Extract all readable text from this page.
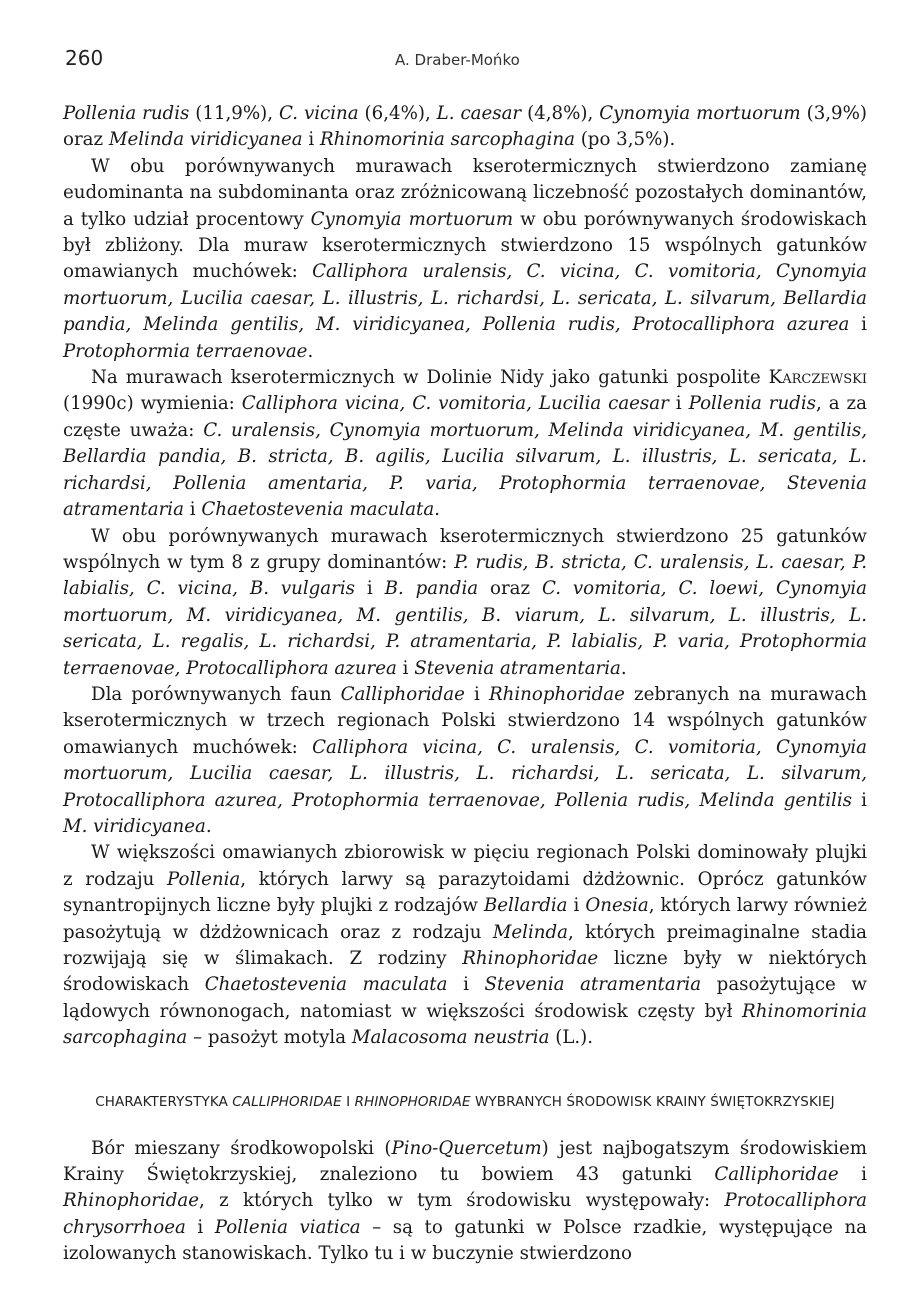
260	A. Draber-Mońko

Pollenia rudis (11,9%), C. vicina (6,4%), L. caesar (4,8%), Cynomyia mortuorum (3,9%) oraz Melinda viridicyanea i Rhinomorinia sarcophagina (po 3,5%).

W obu porównywanych murawach kserotermicznych stwierdzono zamianę eudominanta na subdominanta oraz zróżnicowaną liczebność pozostałych dominantów, a tylko udział procentowy Cynomyia mortuorum w obu porównywanych środowiskach był zbliżony. Dla muraw kserotermicznych stwierdzono 15 wspólnych gatunków omawianych muchówek: Calliphora uralensis, C. vicina, C. vomitoria, Cynomyia mortuorum, Lucilia caesar, L. illustris, L. richardsi, L. sericata, L. silvarum, Bellardia pandia, Melinda gentilis, M. viridicyanea, Pollenia rudis, Protocalliphora azurea i Protophormia terraenovae.

Na murawach kserotermicznych w Dolinie Nidy jako gatunki pospolite Karczewski (1990c) wymienia: Calliphora vicina, C. vomitoria, Lucilia caesar i Pollenia rudis, a za częste uważa: C. uralensis, Cynomyia mortuorum, Melinda viridicyanea, M. gentilis, Bellardia pandia, B. stricta, B. agilis, Lucilia silvarum, L. illustris, L. sericata, L. richardsi, Pollenia amentaria, P. varia, Protophormia terraenovae, Stevenia atramentaria i Chaetostevenia maculata.

W obu porównywanych murawach kserotermicznych stwierdzono 25 gatunków wspólnych w tym 8 z grupy dominantów: P. rudis, B. stricta, C. uralensis, L. caesar, P. labialis, C. vicina, B. vulgaris i B. pandia oraz C. vomitoria, C. loewi, Cynomyia mortuorum, M. viridicyanea, M. gentilis, B. viarum, L. silvarum, L. illustris, L. sericata, L. regalis, L. richardsi, P. atramentaria, P. labialis, P. varia, Protophormia terraenovae, Protocalliphora azurea i Stevenia atramentaria.

Dla porównywanych faun Calliphoridae i Rhinophoridae zebranych na murawach kserotermicznych w trzech regionach Polski stwierdzono 14 wspólnych gatunków omawianych muchówek: Calliphora vicina, C. uralensis, C. vomitoria, Cynomyia mortuorum, Lucilia caesar, L. illustris, L. richardsi, L. sericata, L. silvarum, Protocalliphora azurea, Protophormia terraenovae, Pollenia rudis, Melinda gentilis i M. viridicyanea.

W większości omawianych zbiorowisk w pięciu regionach Polski dominowały plujki z rodzaju Pollenia, których larwy są parazytoidami dżdżownic. Oprócz gatunków synantropijnych liczne były plujki z rodzajów Bellardia i Onesia, których larwy również pasożytują w dżdżownicach oraz z rodzaju Melinda, których preimaginalne stadia rozwijają się w ślimakach. Z rodziny Rhinophoridae liczne były w niektórych środowiskach Chaetostevenia maculata i Stevenia atramentaria pasożytujące w lądowych równonogach, natomiast w większości środowisk częsty był Rhinomorinia sarcophagina – pasożyt motyla Malacosoma neustria (L.).

CHARAKTERYSTYKA CALLIPHORIDAE I RHINOPHORIDAE WYBRANYCH ŚRODOWISK KRAINY ŚWIĘTOKRZYSKIEJ

Bór mieszany środkowopolski (Pino-Quercetum) jest najbogatszym środowiskiem Krainy Świętokrzyskiej, znaleziono tu bowiem 43 gatunki Calliphoridae i Rhinophoridae, z których tylko w tym środowisku występowały: Protocalliphora chrysorrhoea i Pollenia viatica – są to gatunki w Polsce rzadkie, występujące na izolowanych stanowiskach. Tylko tu i w buczynie stwierdzono
